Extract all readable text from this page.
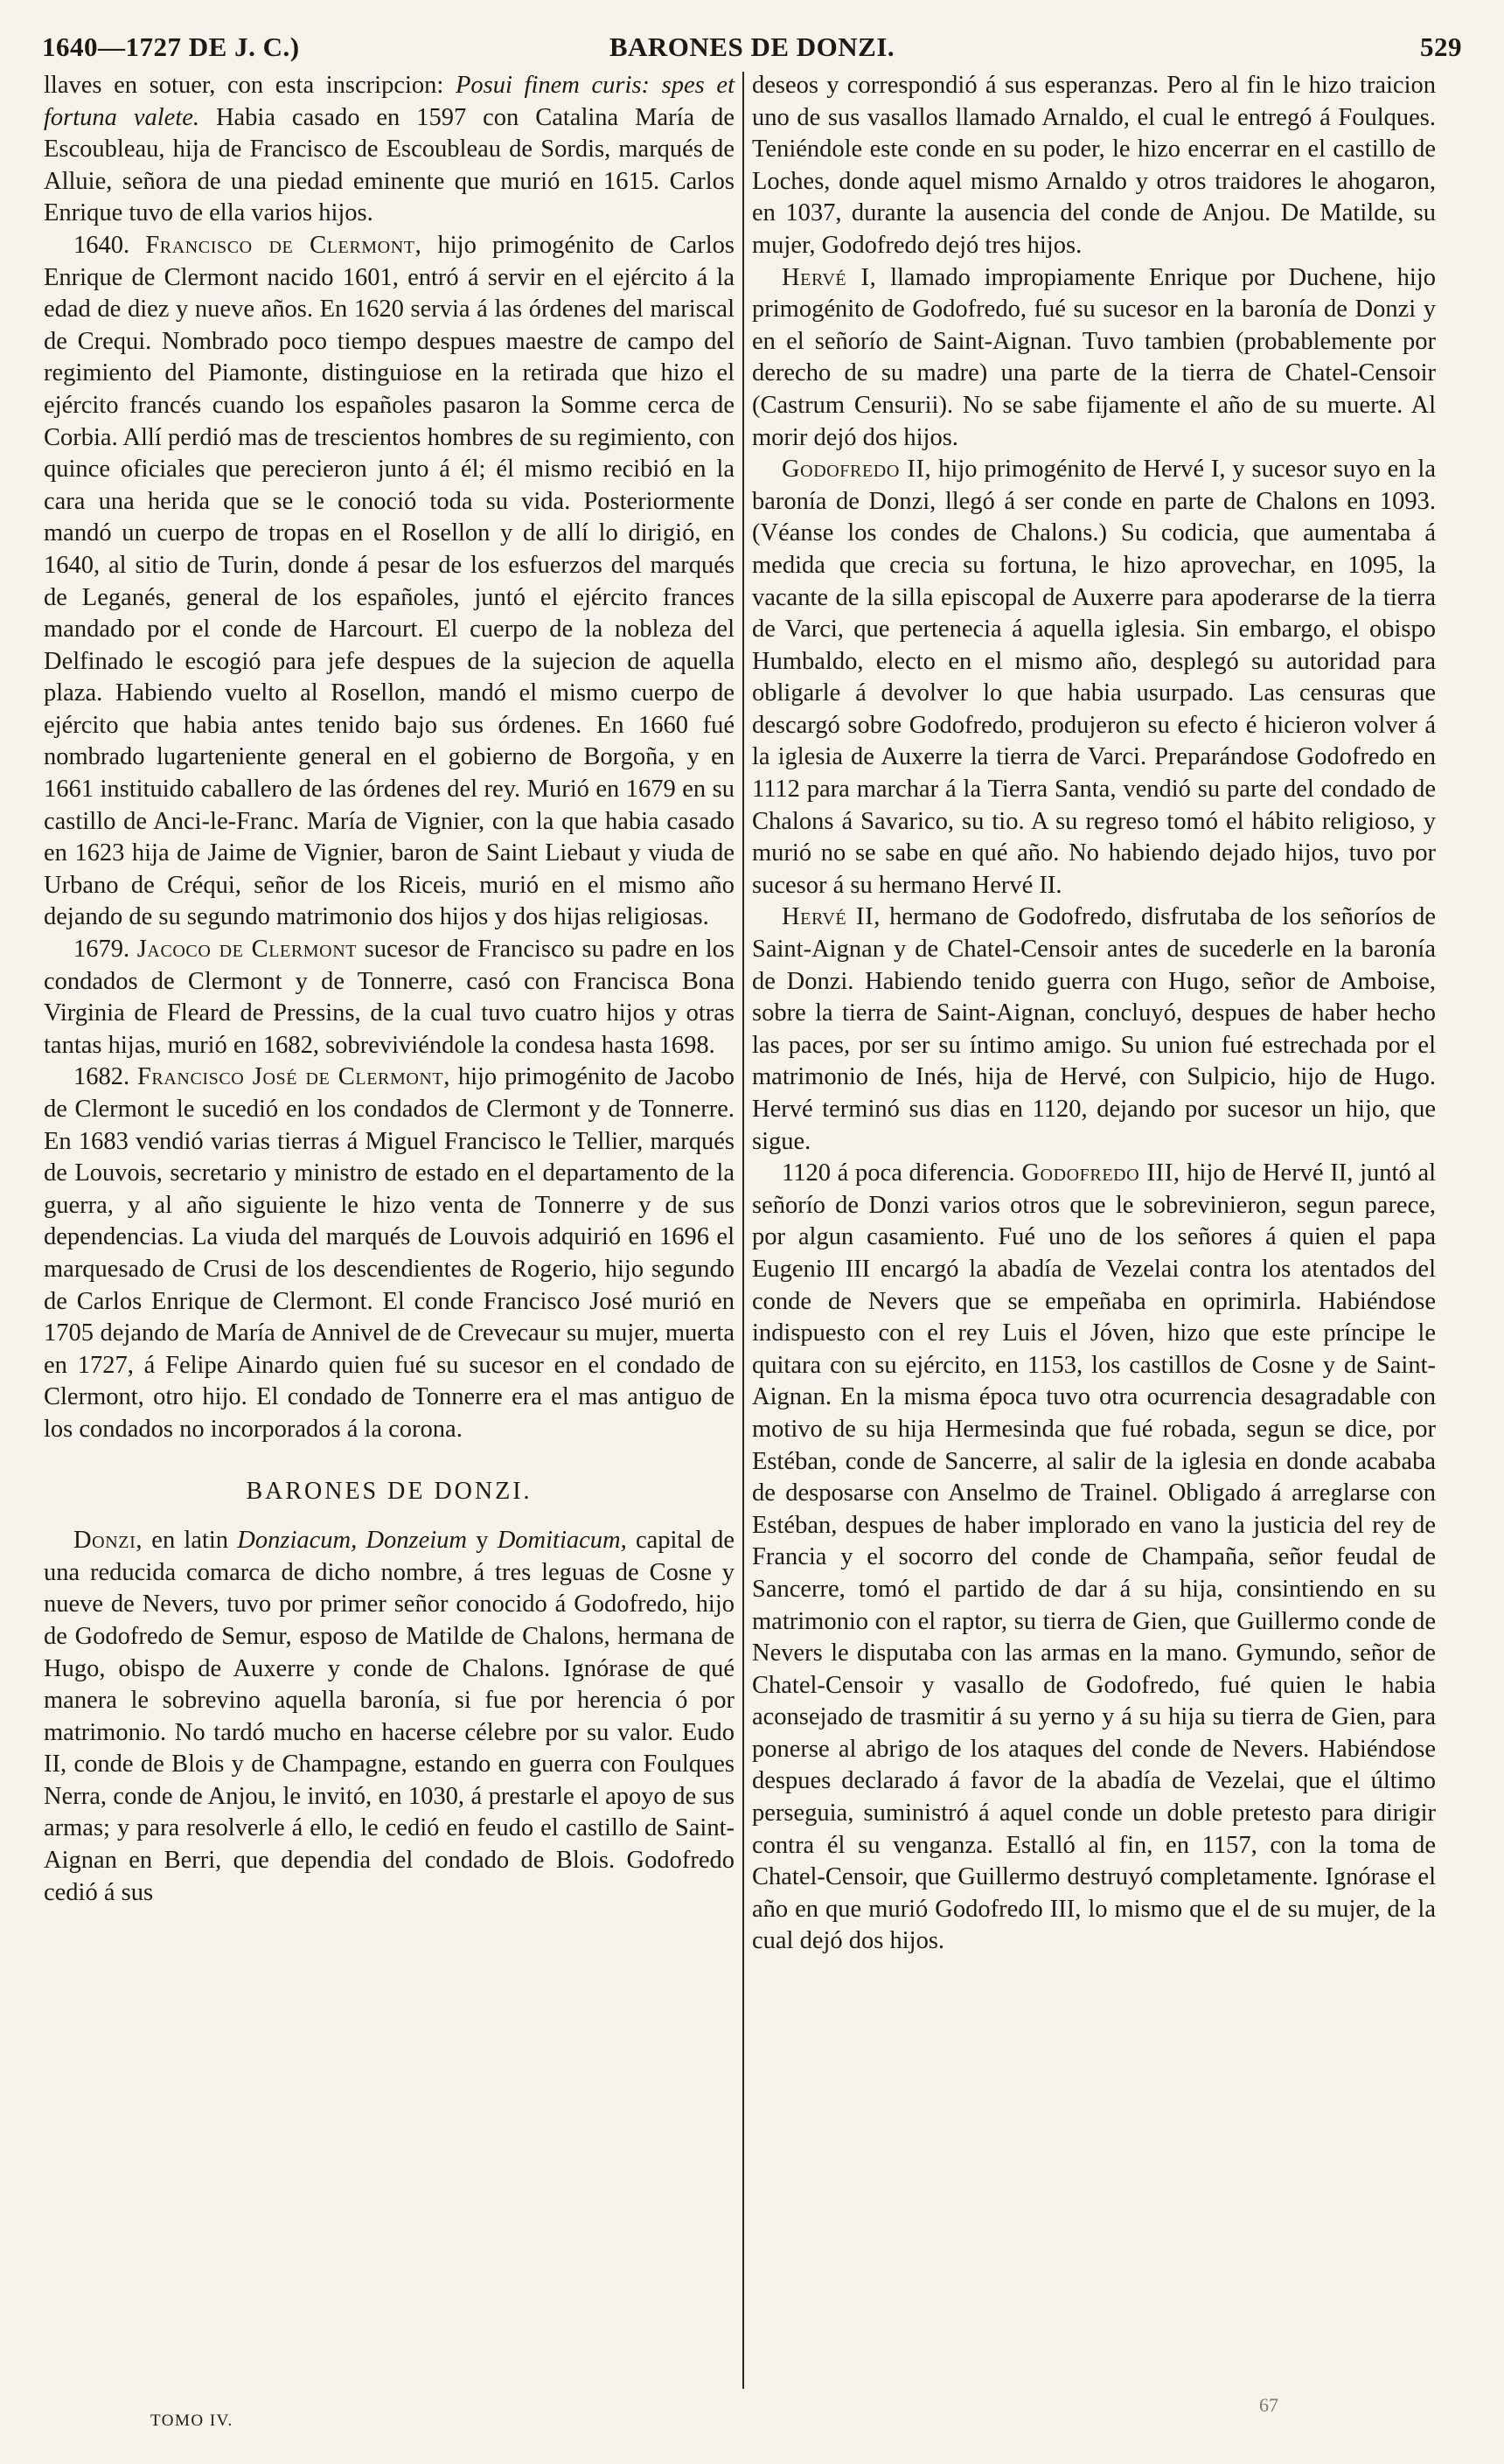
1640—1727 DE J. C.)	BARONES DE DONZI.	529

llaves en sotuer, con esta inscripcion: Posui finem curis: spes et fortuna valete. Habia casado en 1597 con Catalina María de Escoubleau, hija de Francisco de Escoubleau de Sordis, marqués de Alluie, señora de una piedad eminente que murió en 1615. Carlos Enrique tuvo de ella varios hijos.

1640. Francisco de Clermont, hijo primogénito de Carlos Enrique de Clermont nacido 1601, entró á servir en el ejército á la edad de diez y nueve años. En 1620 servia á las órdenes del mariscal de Crequi. Nombrado poco tiempo despues maestre de campo del regimiento del Piamonte, distinguiose en la retirada que hizo el ejército francés cuando los españoles pasaron la Somme cerca de Corbia. Allí perdió mas de trescientos hombres de su regimiento, con quince oficiales que perecieron junto á él; él mismo recibió en la cara una herida que se le conoció toda su vida. Posteriormente mandó un cuerpo de tropas en el Rosellon y de allí lo dirigió, en 1640, al sitio de Turin, donde á pesar de los esfuerzos del marqués de Leganés, general de los españoles, juntó el ejército frances mandado por el conde de Harcourt. El cuerpo de la nobleza del Delfinado le escogió para jefe despues de la sujecion de aquella plaza. Habiendo vuelto al Rosellon, mandó el mismo cuerpo de ejército que habia antes tenido bajo sus órdenes. En 1660 fué nombrado lugarteniente general en el gobierno de Borgoña, y en 1661 instituido caballero de las órdenes del rey. Murió en 1679 en su castillo de Anci-le-Franc. María de Vignier, con la que habia casado en 1623 hija de Jaime de Vignier, baron de Saint Liebaut y viuda de Urbano de Créqui, señor de los Riceis, murió en el mismo año dejando de su segundo matrimonio dos hijos y dos hijas religiosas.

1679. Jacoco de Clermont sucesor de Francisco su padre en los condados de Clermont y de Tonnerre, casó con Francisca Bona Virginia de Fleard de Pressins, de la cual tuvo cuatro hijos y otras tantas hijas, murió en 1682, sobreviviéndole la condesa hasta 1698.

1682. Francisco José de Clermont, hijo primogénito de Jacobo de Clermont le sucedió en los condados de Clermont y de Tonnerre. En 1683 vendió varias tierras á Miguel Francisco le Tellier, marqués de Louvois, secretario y ministro de estado en el departamento de la guerra, y al año siguiente le hizo venta de Tonnerre y de sus dependencias. La viuda del marqués de Louvois adquirió en 1696 el marquesado de Crusi de los descendientes de Rogerio, hijo segundo de Carlos Enrique de Clermont. El conde Francisco José murió en 1705 dejando de María de Annivel de de Crevecaur su mujer, muerta en 1727, á Felipe Ainardo quien fué su sucesor en el condado de Clermont, otro hijo. El condado de Tonnerre era el mas antiguo de los condados no incorporados á la corona.

BARONES DE DONZI.

Donzi, en latin Donziacum, Donzeium y Domitiacum, capital de una reducida comarca de dicho nombre, á tres leguas de Cosne y nueve de Nevers, tuvo por primer señor conocido á Godofredo, hijo de Godofredo de Semur, esposo de Matilde de Chalons, hermana de Hugo, obispo de Auxerre y conde de Chalons. Ignórase de qué manera le sobrevino aquella baronía, si fue por herencia ó por matrimonio. No tardó mucho en hacerse célebre por su valor. Eudo II, conde de Blois y de Champagne, estando en guerra con Foulques Nerra, conde de Anjou, le invitó, en 1030, á prestarle el apoyo de sus armas; y para resolverle á ello, le cedió en feudo el castillo de Saint-Aignan en Berri, que dependia del condado de Blois. Godofredo cedió á sus

deseos y correspondió á sus esperanzas. Pero al fin le hizo traicion uno de sus vasallos llamado Arnaldo, el cual le entregó á Foulques. Teniéndole este conde en su poder, le hizo encerrar en el castillo de Loches, donde aquel mismo Arnaldo y otros traidores le ahogaron, en 1037, durante la ausencia del conde de Anjou. De Matilde, su mujer, Godofredo dejó tres hijos.

Hervé I, llamado impropiamente Enrique por Duchene, hijo primogénito de Godofredo, fué su sucesor en la baronía de Donzi y en el señorío de Saint-Aignan. Tuvo tambien (probablemente por derecho de su madre) una parte de la tierra de Chatel-Censoir (Castrum Censurii). No se sabe fijamente el año de su muerte. Al morir dejó dos hijos.

Godofredo II, hijo primogénito de Hervé I, y sucesor suyo en la baronía de Donzi, llegó á ser conde en parte de Chalons en 1093. (Véanse los condes de Chalons.) Su codicia, que aumentaba á medida que crecia su fortuna, le hizo aprovechar, en 1095, la vacante de la silla episcopal de Auxerre para apoderarse de la tierra de Varci, que pertenecia á aquella iglesia. Sin embargo, el obispo Humbaldo, electo en el mismo año, desplegó su autoridad para obligarle á devolver lo que habia usurpado. Las censuras que descargó sobre Godofredo, produjeron su efecto é hicieron volver á la iglesia de Auxerre la tierra de Varci. Preparándose Godofredo en 1112 para marchar á la Tierra Santa, vendió su parte del condado de Chalons á Savarico, su tio. A su regreso tomó el hábito religioso, y murió no se sabe en qué año. No habiendo dejado hijos, tuvo por sucesor á su hermano Hervé II.

Hervé II, hermano de Godofredo, disfrutaba de los señoríos de Saint-Aignan y de Chatel-Censoir antes de sucederle en la baronía de Donzi. Habiendo tenido guerra con Hugo, señor de Amboise, sobre la tierra de Saint-Aignan, concluyó, despues de haber hecho las paces, por ser su íntimo amigo. Su union fué estrechada por el matrimonio de Inés, hija de Hervé, con Sulpicio, hijo de Hugo. Hervé terminó sus dias en 1120, dejando por sucesor un hijo, que sigue.

1120 á poca diferencia. Godofredo III, hijo de Hervé II, juntó al señorío de Donzi varios otros que le sobrevinieron, segun parece, por algun casamiento. Fué uno de los señores á quien el papa Eugenio III encargó la abadía de Vezelai contra los atentados del conde de Nevers que se empeñaba en oprimirla. Habiéndose indispuesto con el rey Luis el Jóven, hizo que este príncipe le quitara con su ejército, en 1153, los castillos de Cosne y de Saint-Aignan. En la misma época tuvo otra ocurrencia desagradable con motivo de su hija Hermesinda que fué robada, segun se dice, por Estéban, conde de Sancerre, al salir de la iglesia en donde acababa de desposarse con Anselmo de Trainel. Obligado á arreglarse con Estéban, despues de haber implorado en vano la justicia del rey de Francia y el socorro del conde de Champaña, señor feudal de Sancerre, tomó el partido de dar á su hija, consintiendo en su matrimonio con el raptor, su tierra de Gien, que Guillermo conde de Nevers le disputaba con las armas en la mano. Gymundo, señor de Chatel-Censoir y vasallo de Godofredo, fué quien le habia aconsejado de trasmitir á su yerno y á su hija su tierra de Gien, para ponerse al abrigo de los ataques del conde de Nevers. Habiéndose despues declarado á favor de la abadía de Vezelai, que el último perseguia, suministró á aquel conde un doble pretesto para dirigir contra él su venganza. Estalló al fin, en 1157, con la toma de Chatel-Censoir, que Guillermo destruyó completamente. Ignórase el año en que murió Godofredo III, lo mismo que el de su mujer, de la cual dejó dos hijos.

TOMO IV.
67
